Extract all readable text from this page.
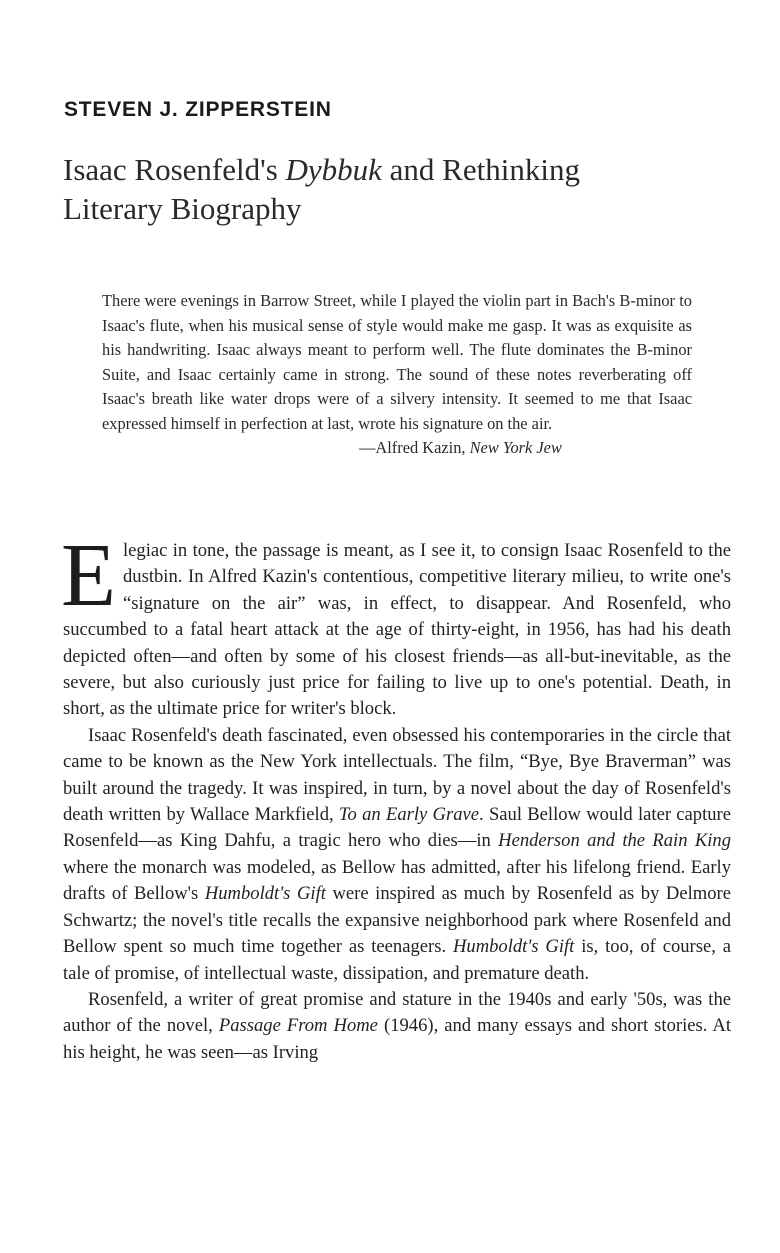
STEVEN J. ZIPPERSTEIN
Isaac Rosenfeld's Dybbuk and Rethinking
Literary Biography

There were evenings in Barrow Street, while I played the violin part in Bach's B-minor to Isaac's flute, when his musical sense of style would make me gasp. It was as exquisite as his handwriting. Isaac always meant to perform well. The flute dominates the B-minor Suite, and Isaac certainly came in strong. The sound of these notes reverberating off Isaac's breath like water drops were of a silvery intensity. It seemed to me that Isaac expressed himself in perfection at last, wrote his signature on the air.

—Alfred Kazin, New York Jew

Elegiac in tone, the passage is meant, as I see it, to consign Isaac Rosenfeld to the dustbin. In Alfred Kazin's contentious, competitive literary milieu, to write one's “signature on the air” was, in effect, to disappear. And Rosenfeld, who succumbed to a fatal heart attack at the age of thirty-eight, in 1956, has had his death depicted often—and often by some of his closest friends—as all-but-inevitable, as the severe, but also curiously just price for failing to live up to one's potential. Death, in short, as the ultimate price for writer's block.

Isaac Rosenfeld's death fascinated, even obsessed his contemporaries in the circle that came to be known as the New York intellectuals. The film, “Bye, Bye Braverman” was built around the tragedy. It was inspired, in turn, by a novel about the day of Rosenfeld's death written by Wallace Markfield, To an Early Grave. Saul Bellow would later capture Rosenfeld—as King Dahfu, a tragic hero who dies—in Henderson and the Rain King where the monarch was modeled, as Bellow has admitted, after his lifelong friend. Early drafts of Bellow's Humboldt's Gift were inspired as much by Rosenfeld as by Delmore Schwartz; the novel's title recalls the expansive neighborhood park where Rosenfeld and Bellow spent so much time together as teenagers. Humboldt's Gift is, too, of course, a tale of promise, of intellectual waste, dissipation, and premature death.

Rosenfeld, a writer of great promise and stature in the 1940s and early '50s, was the author of the novel, Passage From Home (1946), and many essays and short stories. At his height, he was seen—as Irving
